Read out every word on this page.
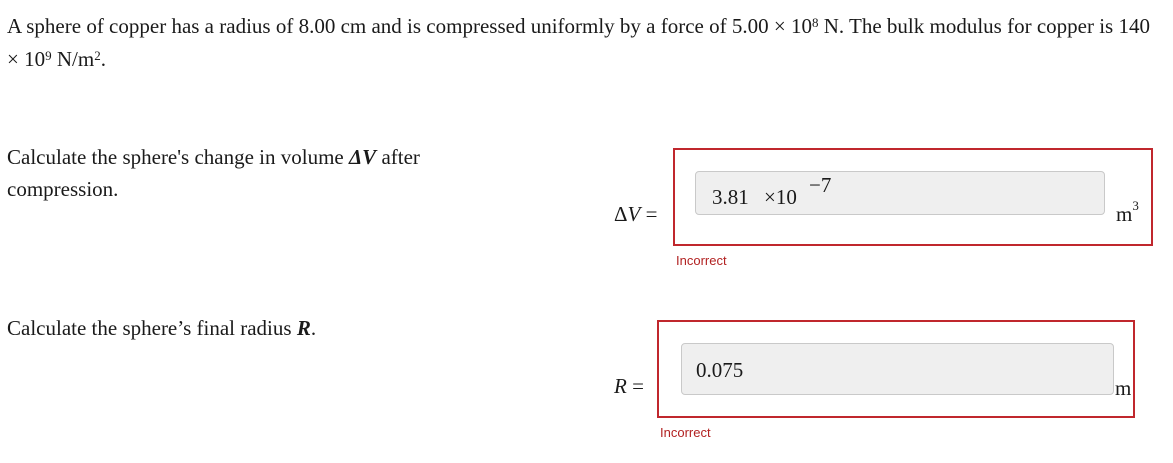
A sphere of copper has a radius of 8.00 cm and is compressed uniformly by a force of $5.00 \times 10^8$ N. The bulk modulus for copper is $140 \times 10^9$ $N/m^2$.
Calculate the sphere's change in volume ΔV after compression.
ΔV =
3.81 ×10 −7
$m^3$
Incorrect
Calculate the sphere’s final radius R.
R =
0.075
m
Incorrect
